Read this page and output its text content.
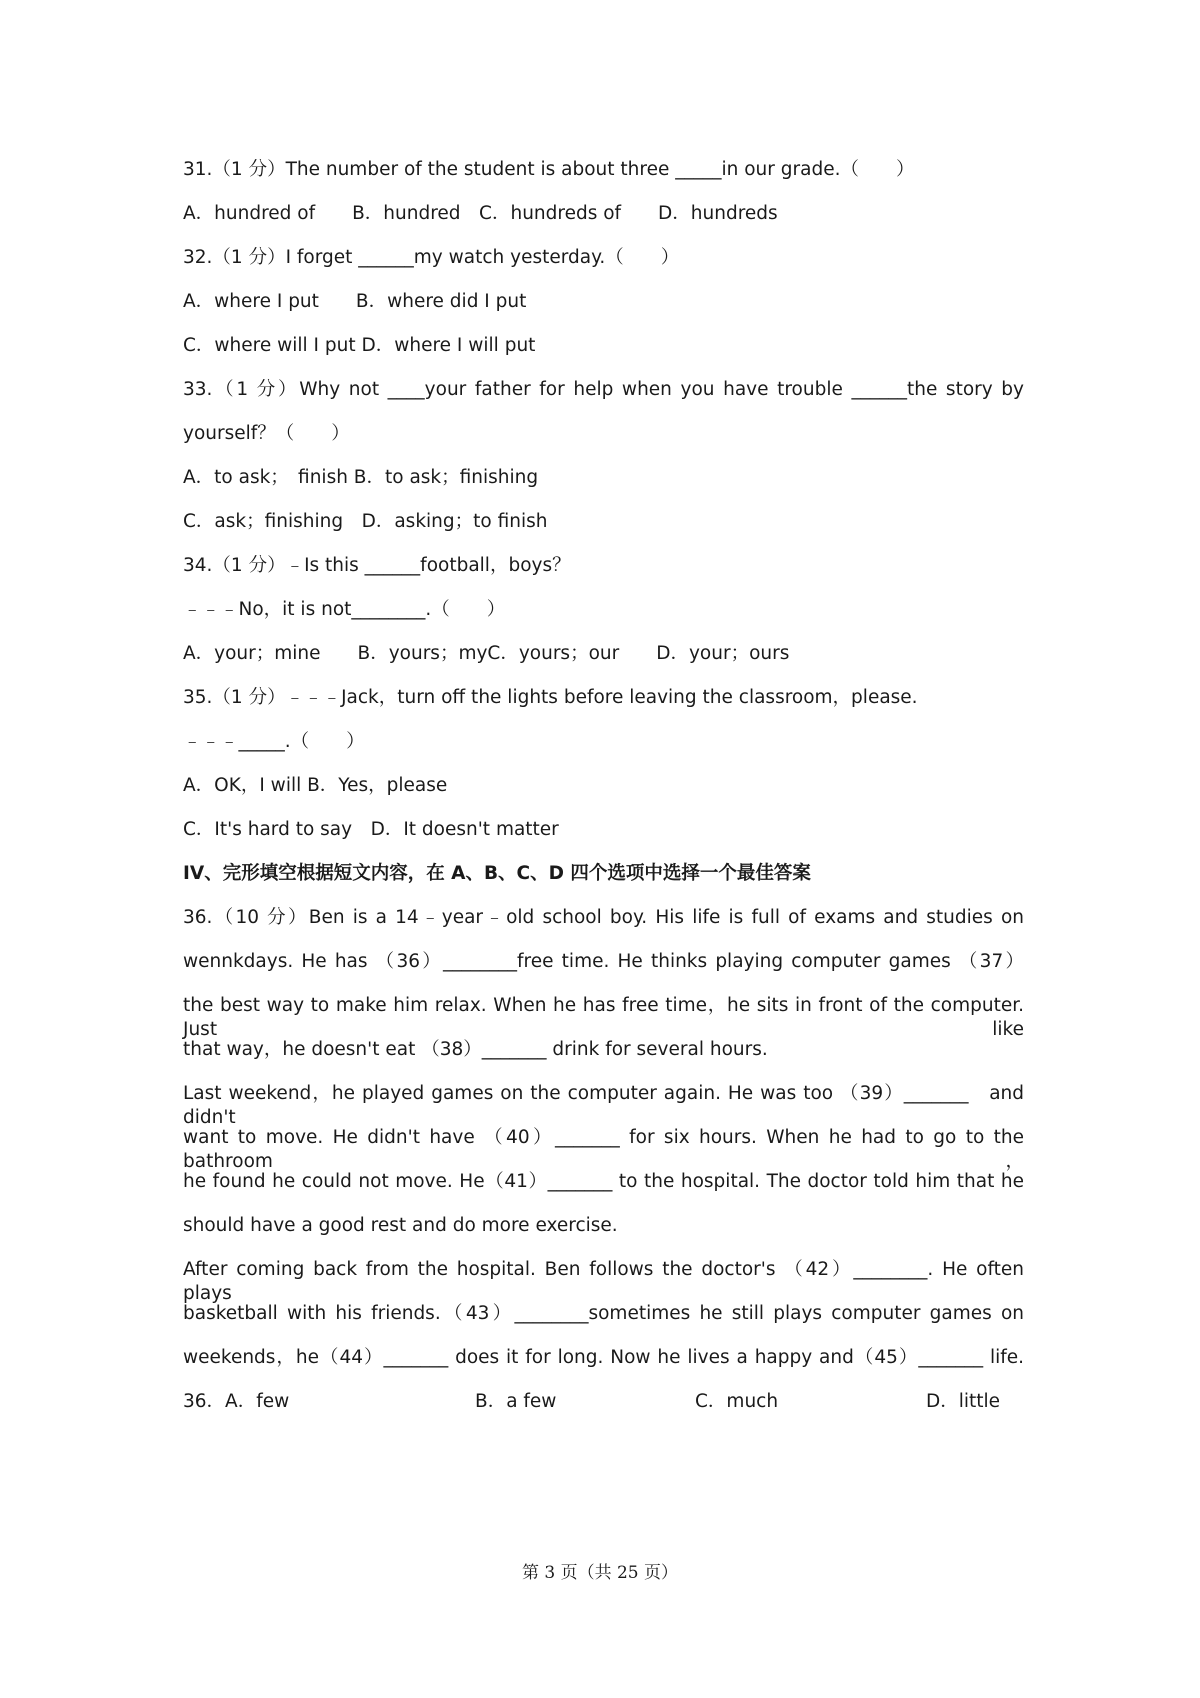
31.（1 分）The number of the student is about three _____in our grade.（　　）
A．hundred of　　B．hundred　C．hundreds of　　D．hundreds
32.（1 分）I forget ______my watch yesterday.（　　）
A．where I put　　B．where did I put
C．where will I put D．where I will put
33.（1 分）Why not ____your father for help when you have trouble ______the story by
yourself？（　　）
A．to ask；　finish B．to ask；finishing
C．ask；finishing　D．asking；to finish
34.（1 分）﹣Is this ______football，boys？
﹣﹣﹣No，it is not________.（　　）
A．your；mine　　B．yours；myC．yours；our　　D．your；ours
35.（1 分）﹣﹣﹣Jack，turn off the lights before leaving the classroom，please.
﹣﹣﹣_____.（　　）
A．OK，I will B．Yes，please
C．It's hard to say　D．It doesn't matter
IV、完形填空根据短文内容，在 A、B、C、D 四个选项中选择一个最佳答案
36.（10 分）Ben is a 14﹣year﹣old school boy. His life is full of exams and studies on
wennkdays. He has （36）________free time. He thinks playing computer games （37）
the best way to make him relax. When he has free time，he sits in front of the computer. Just like
that way，he doesn't eat （38）_______ drink for several hours.
Last weekend，he played games on the computer again. He was too （39）_______　and didn't
want to move. He didn't have （40）_______ for six hours. When he had to go to the bathroom，
he found he could not move. He（41）_______ to the hospital. The doctor told him that he
should have a good rest and do more exercise.
After coming back from the hospital. Ben follows the doctor's （42）________. He often plays
basketball with his friends.（43）________sometimes he still plays computer games on
weekends，he（44）_______ does it for long. Now he lives a happy and（45）_______ life.
36．A．few	B．a few	C．much	D．little
第 3 页（共 25 页）
